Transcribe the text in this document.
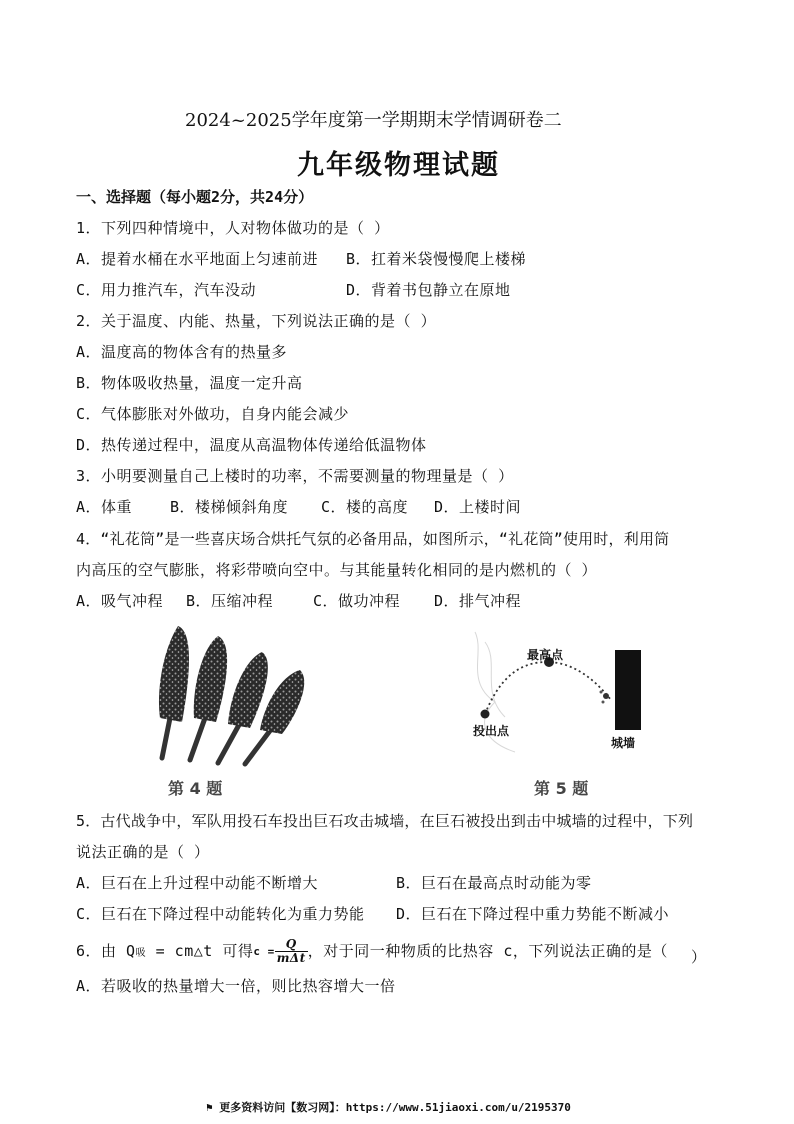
2024~2025学年度第一学期期末学情调研卷二
九年级物理试题
一、选择题（每小题2分，共24分）
1．下列四种情境中，人对物体做功的是（ ）
A．提着水桶在水平地面上匀速前进 B．扛着米袋慢慢爬上楼梯
C．用力推汽车，汽车没动	D．背着书包静立在原地
2．关于温度、内能、热量，下列说法正确的是（ ）
A．温度高的物体含有的热量多
B．物体吸收热量，温度一定升高
C．气体膨胀对外做功，自身内能会减少
D．热传递过程中，温度从高温物体传递给低温物体
3．小明要测量自己上楼时的功率，不需要测量的物理量是（ ）
A．体重	B．楼梯倾斜角度 C．楼的高度 D．上楼时间
4．“礼花筒”是一些喜庆场合烘托气氛的必备用品，如图所示，“礼花筒”使用时，利用筒
内高压的空气膨胀，将彩带喷向空中。与其能量转化相同的是内燃机的（ ）
A．吸气冲程 B．压缩冲程	C．做功冲程 D．排气冲程
第 4 题
最高点
投出点
城墙
第 5 题
5．古代战争中，军队用投石车投出巨石攻击城墙，在巨石被投出到击中城墙的过程中，下列
说法正确的是（ ）
A．巨石在上升过程中动能不断增大	B．巨石在最高点时动能为零
C．巨石在下降过程中动能转化为重力势能 D．巨石在下降过程中重力势能不断减小
6．由 Q吸 = cm△t 可得$c = \frac{Q}{\text{mΔt}}$ ，对于同一种物质的比热容 c，下列说法正确的是（ ）
A．若吸收的热量增大一倍，则比热容增大一倍
⚑ 更多资料访问【数习网】：https://www.51jiaoxi.com/u/2195370
